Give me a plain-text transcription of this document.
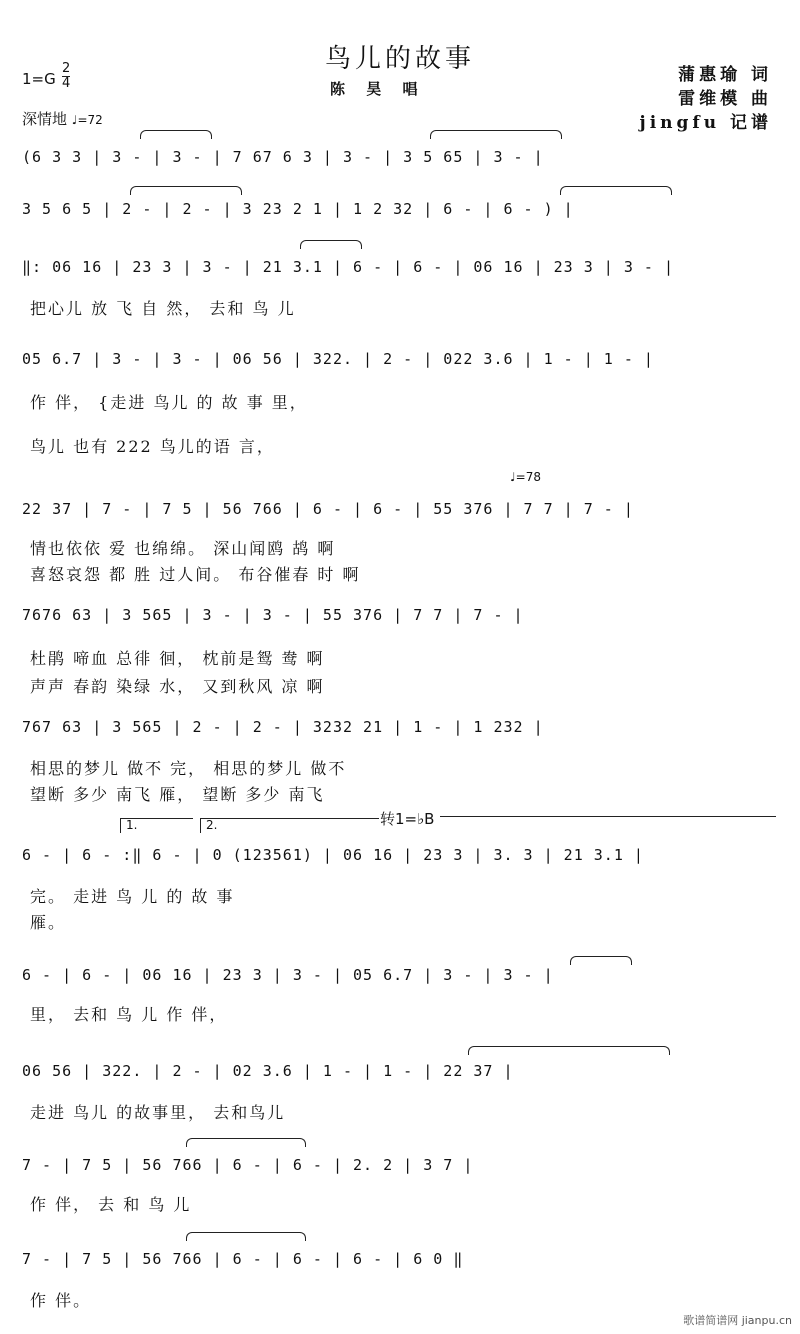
鸟儿的故事
陈 昊 唱
蒲惠瑜 词
雷维模 曲
jingfu 记谱
1=G
2
4
深情地 ♩=72
(6 3 3 | 3 - | 3 - | 7 67 6 3 | 3 - | 3 5 65 | 3 - |
3 5 6 5 | 2 - | 2 - | 3 23 2 1 | 1 2 32 | 6 - | 6 - ) |
‖: 06 16 | 23 3 | 3 - | 21 3.1 | 6 - | 6 - | 06 16 | 23 3 | 3 - |
把心儿 放 飞 自 然， 去和 鸟 儿
05 6.7 | 3 - | 3 - | 06 56 | 322. | 2 - | 022 3.6 | 1 - | 1 - |
作 伴， {走进 鸟儿 的 故 事 里，
鸟儿 也有 222 鸟儿的语 言，
♩=78
22 37 | 7 - | 7 5 | 56 766 | 6 - | 6 - | 55 376 | 7 7 | 7 - |
情也依依 爱 也绵绵。 深山闻鸥 鸪 啊
喜怒哀怨 都 胜 过人间。 布谷催春 时 啊
7676 63 | 3 565 | 3 - | 3 - | 55 376 | 7 7 | 7 - |
杜鹃 啼血 总徘 徊， 枕前是鸳 鸯 啊
声声 春韵 染绿 水， 又到秋风 凉 啊
767 63 | 3 565 | 2 - | 2 - | 3232 21 | 1 - | 1 232 |
相思的梦儿 做不 完， 相思的梦儿 做不
望断 多少 南飞 雁， 望断 多少 南飞
1.	2.	转1=♭B
6 - | 6 - :‖ 6 - | 0 (123561) | 06 16 | 23 3 | 3. 3 | 21 3.1 |
完。 走进 鸟 儿 的 故 事
雁。
6 - | 6 - | 06 16 | 23 3 | 3 - | 05 6.7 | 3 - | 3 - |
里， 去和 鸟 儿 作 伴，
06 56 | 322. | 2 - | 02 3.6 | 1 - | 1 - | 22 37 |
走进 鸟儿 的故事里， 去和鸟儿
7 - | 7 5 | 56 766 | 6 - | 6 - | 2. 2 | 3 7 |
作 伴， 去 和 鸟 儿
7 - | 7 5 | 56 766 | 6 - | 6 - | 6 - | 6 0 ‖
作 伴。
歌谱简谱网 jianpu.cn
